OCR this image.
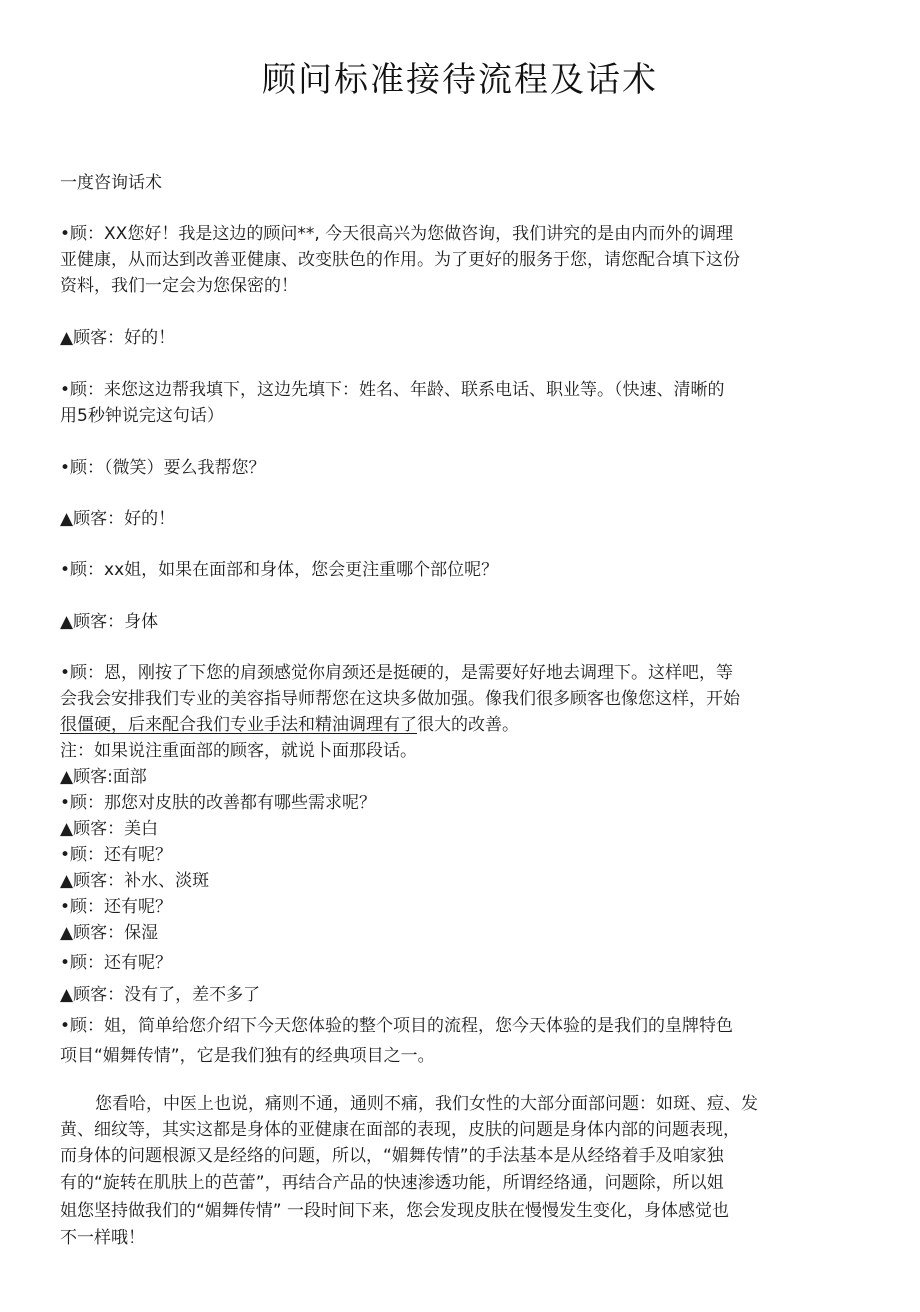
顾问标准接待流程及话术
一度咨询话术
•顾：XX您好！我是这边的顾问**, 今天很高兴为您做咨询，我们讲究的是由内而外的调理
亚健康，从而达到改善亚健康、改变肤色的作用。为了更好的服务于您，请您配合填下这份
资料，我们一定会为您保密的！
▲顾客：好的！
•顾：来您这边帮我填下，这边先填下：姓名、年龄、联系电话、职业等。（快速、清晰的
用5秒钟说完这句话）
•顾：（微笑）要么我帮您？
▲顾客：好的！
•顾：xx姐，如果在面部和身体，您会更注重哪个部位呢？
▲顾客：身体
•顾：恩，刚按了下您的肩颈感觉你肩颈还是挺硬的，是需要好好地去调理下。这样吧，等
会我会安排我们专业的美容指导师帮您在这块多做加强。像我们很多顾客也像您这样，开始
很僵硬，后来配合我们专业手法和精油调理有了很大的改善。
注：如果说注重面部的顾客，就说卜面那段话。
▲顾客:面部
•顾：那您对皮肤的改善都有哪些需求呢？
▲顾客：美白
•顾：还有呢？
▲顾客：补水、淡斑
•顾：还有呢？
▲顾客：保湿
•顾：还有呢？
▲顾客：没有了，差不多了
•顾：姐，简单给您介绍下今天您体验的整个项目的流程，您今天体验的是我们的皇牌特色
项目“媚舞传情”，它是我们独有的经典项目之一。
您看哈，中医上也说，痛则不通，通则不痛，我们女性的大部分面部问题：如斑、痘、发
黄、细纹等，其实这都是身体的亚健康在面部的表现，皮肤的问题是身体内部的问题表现，
而身体的问题根源又是经络的问题，所以，“媚舞传情”的手法基本是从经络着手及咱家独
有的“旋转在肌肤上的芭蕾”，再结合产品的快速渗透功能，所谓经络通，问题除，所以姐
姐您坚持做我们的“媚舞传情” 一段时间下来，您会发现皮肤在慢慢发生变化，身体感觉也
不一样哦！
